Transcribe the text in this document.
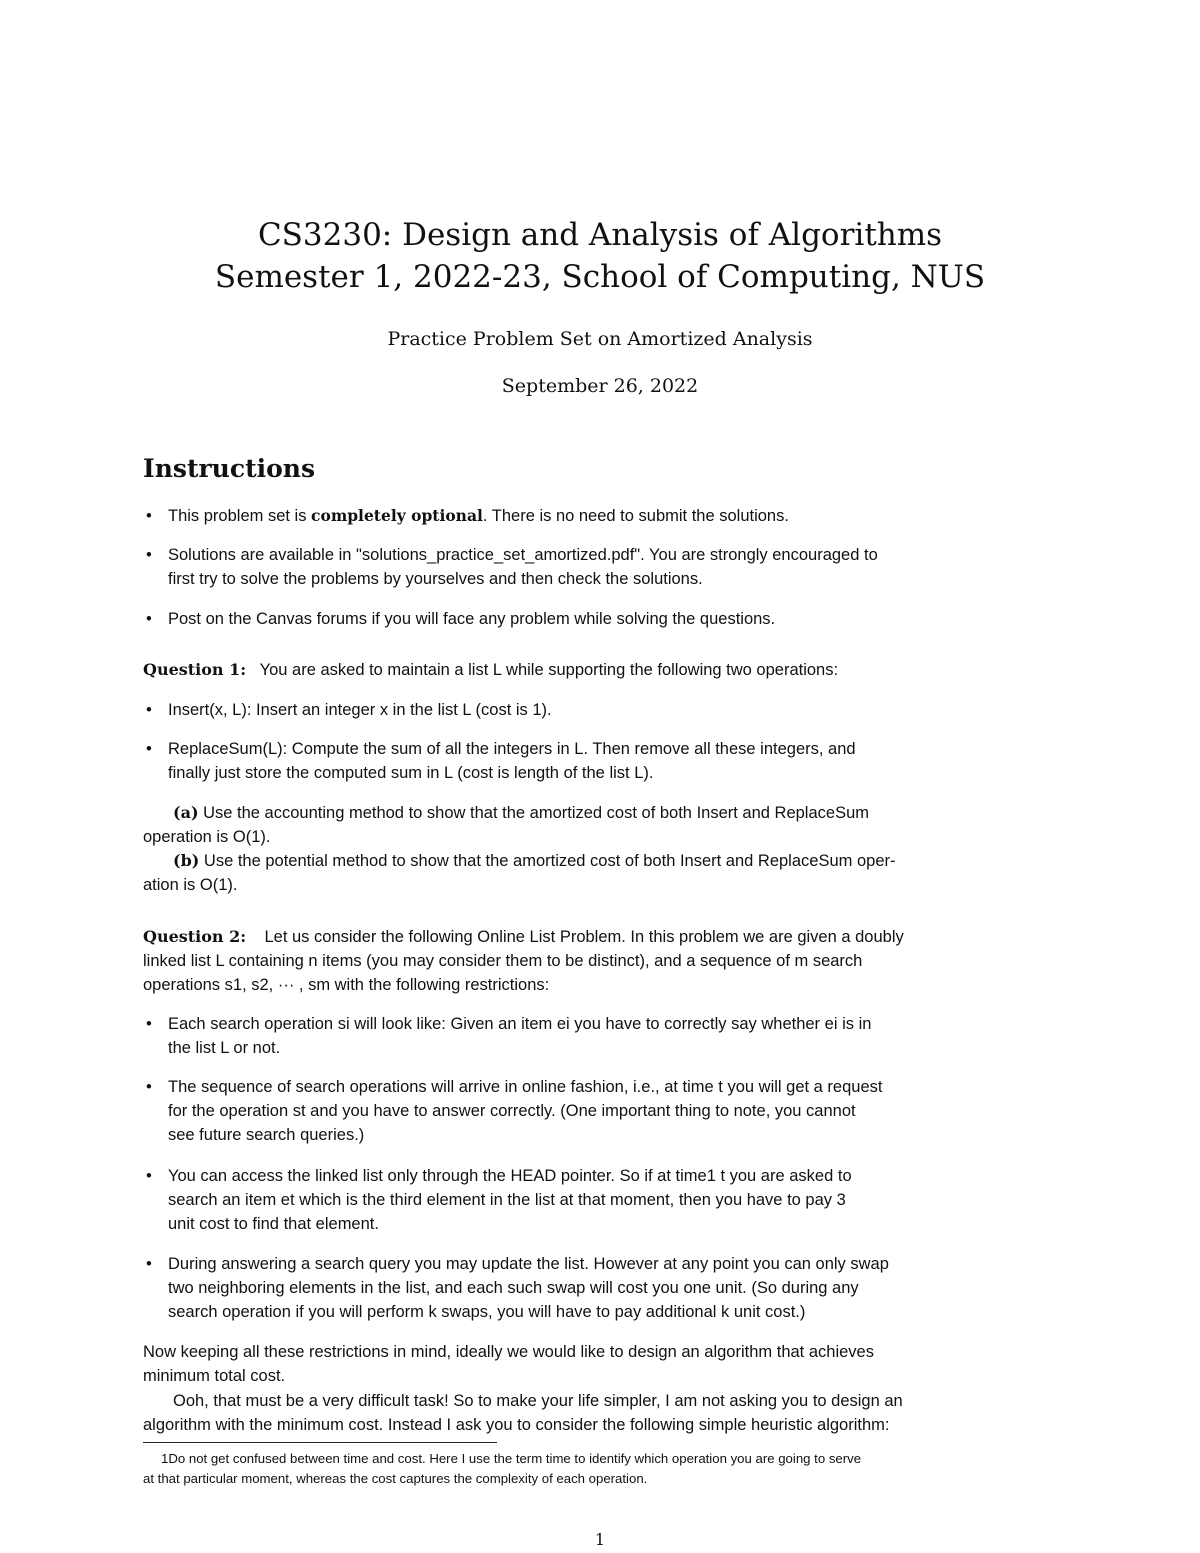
CS3230: Design and Analysis of Algorithms
Semester 1, 2022-23, School of Computing, NUS
Practice Problem Set on Amortized Analysis
September 26, 2022
Instructions
• This problem set is completely optional. There is no need to submit the solutions.
• Solutions are available in "solutions_practice_set_amortized.pdf". You are strongly encouraged to
first try to solve the problems by yourselves and then check the solutions.
• Post on the Canvas forums if you will face any problem while solving the questions.
Question 1: You are asked to maintain a list L while supporting the following two operations:
• Insert(x, L): Insert an integer x in the list L (cost is 1).
• ReplaceSum(L): Compute the sum of all the integers in L. Then remove all these integers, and
finally just store the computed sum in L (cost is length of the list L).
(a) Use the accounting method to show that the amortized cost of both Insert and ReplaceSum
operation is O(1).
(b) Use the potential method to show that the amortized cost of both Insert and ReplaceSum oper-
ation is O(1).
Question 2: Let us consider the following Online List Problem. In this problem we are given a doubly
linked list L containing n items (you may consider them to be distinct), and a sequence of m search
operations s1, s2, ··· , sm with the following restrictions:
• Each search operation si will look like: Given an item ei you have to correctly say whether ei is in
the list L or not.
• The sequence of search operations will arrive in online fashion, i.e., at time t you will get a request
for the operation st and you have to answer correctly. (One important thing to note, you cannot
see future search queries.)
• You can access the linked list only through the HEAD pointer. So if at time1 t you are asked to
search an item et which is the third element in the list at that moment, then you have to pay 3
unit cost to find that element.
• During answering a search query you may update the list. However at any point you can only swap
two neighboring elements in the list, and each such swap will cost you one unit. (So during any
search operation if you will perform k swaps, you will have to pay additional k unit cost.)
Now keeping all these restrictions in mind, ideally we would like to design an algorithm that achieves
minimum total cost.
Ooh, that must be a very difficult task! So to make your life simpler, I am not asking you to design an
algorithm with the minimum cost. Instead I ask you to consider the following simple heuristic algorithm:
1Do not get confused between time and cost. Here I use the term time to identify which operation you are going to serve
at that particular moment, whereas the cost captures the complexity of each operation.
1
